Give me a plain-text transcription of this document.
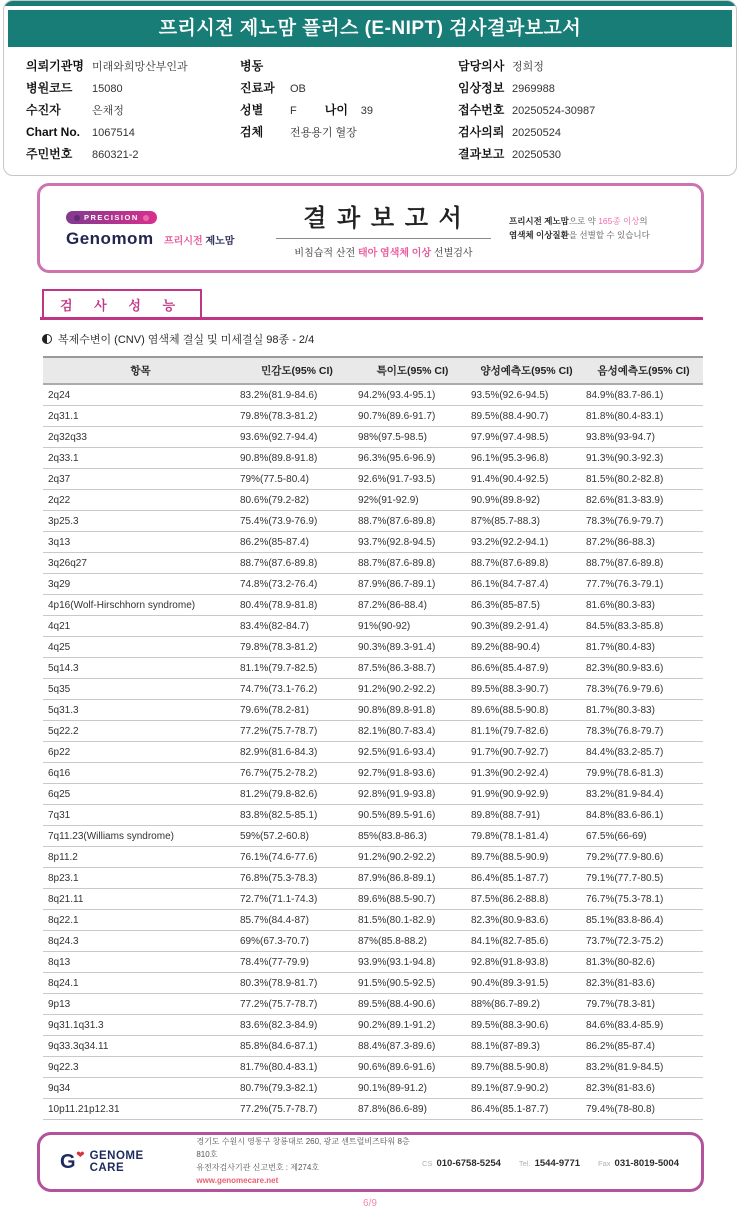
프리시전 제노맘 플러스 (E-NIPT) 검사결과보고서
의뢰기관명 미래와희망산부인과
병원코드 15080
수진자	은채정
Chart No. 1067514
주민번호 860321-2
병동
진료과 OB
성별 F 나이 39
검체 전용용기 혈장
담당의사 정희정
임상정보 2969988
접수번호 20250524-30987
검사의뢰 20250524
결과보고 20250530
PRECISION
Genomom 프리시전 제노맘
결 과 보 고 서
비침습적 산전 태아 염색체 이상 선별검사
프리시전 제노맘으로 약 165종 이상의
염색체 이상질환을 선별할 수 있습니다
검 사 성 능
복제수변이 (CNV) 염색체 결실 및 미세결실 98종 - 2/4
항목	민감도(95% CI)	특이도(95% CI)	양성예측도(95% CI)	음성예측도(95% CI)
2q24	83.2%(81.9-84.6)	94.2%(93.4-95.1)	93.5%(92.6-94.5)	84.9%(83.7-86.1)
2q31.1	79.8%(78.3-81.2)	90.7%(89.6-91.7)	89.5%(88.4-90.7)	81.8%(80.4-83.1)
2q32q33	93.6%(92.7-94.4)	98%(97.5-98.5)	97.9%(97.4-98.5)	93.8%(93-94.7)
2q33.1	90.8%(89.8-91.8)	96.3%(95.6-96.9)	96.1%(95.3-96.8)	91.3%(90.3-92.3)
2q37	79%(77.5-80.4)	92.6%(91.7-93.5)	91.4%(90.4-92.5)	81.5%(80.2-82.8)
2q22	80.6%(79.2-82)	92%(91-92.9)	90.9%(89.8-92)	82.6%(81.3-83.9)
3p25.3	75.4%(73.9-76.9)	88.7%(87.6-89.8)	87%(85.7-88.3)	78.3%(76.9-79.7)
3q13	86.2%(85-87.4)	93.7%(92.8-94.5)	93.2%(92.2-94.1)	87.2%(86-88.3)
3q26q27	88.7%(87.6-89.8)	88.7%(87.6-89.8)	88.7%(87.6-89.8)	88.7%(87.6-89.8)
3q29	74.8%(73.2-76.4)	87.9%(86.7-89.1)	86.1%(84.7-87.4)	77.7%(76.3-79.1)
4p16(Wolf-Hirschhorn syndrome)	80.4%(78.9-81.8)	87.2%(86-88.4)	86.3%(85-87.5)	81.6%(80.3-83)
4q21	83.4%(82-84.7)	91%(90-92)	90.3%(89.2-91.4)	84.5%(83.3-85.8)
4q25	79.8%(78.3-81.2)	90.3%(89.3-91.4)	89.2%(88-90.4)	81.7%(80.4-83)
5q14.3	81.1%(79.7-82.5)	87.5%(86.3-88.7)	86.6%(85.4-87.9)	82.3%(80.9-83.6)
5q35	74.7%(73.1-76.2)	91.2%(90.2-92.2)	89.5%(88.3-90.7)	78.3%(76.9-79.6)
5q31.3	79.6%(78.2-81)	90.8%(89.8-91.8)	89.6%(88.5-90.8)	81.7%(80.3-83)
5q22.2	77.2%(75.7-78.7)	82.1%(80.7-83.4)	81.1%(79.7-82.6)	78.3%(76.8-79.7)
6p22	82.9%(81.6-84.3)	92.5%(91.6-93.4)	91.7%(90.7-92.7)	84.4%(83.2-85.7)
6q16	76.7%(75.2-78.2)	92.7%(91.8-93.6)	91.3%(90.2-92.4)	79.9%(78.6-81.3)
6q25	81.2%(79.8-82.6)	92.8%(91.9-93.8)	91.9%(90.9-92.9)	83.2%(81.9-84.4)
7q31	83.8%(82.5-85.1)	90.5%(89.5-91.6)	89.8%(88.7-91)	84.8%(83.6-86.1)
7q11.23(Williams syndrome)	59%(57.2-60.8)	85%(83.8-86.3)	79.8%(78.1-81.4)	67.5%(66-69)
8p11.2	76.1%(74.6-77.6)	91.2%(90.2-92.2)	89.7%(88.5-90.9)	79.2%(77.9-80.6)
8p23.1	76.8%(75.3-78.3)	87.9%(86.8-89.1)	86.4%(85.1-87.7)	79.1%(77.7-80.5)
8q21.11	72.7%(71.1-74.3)	89.6%(88.5-90.7)	87.5%(86.2-88.8)	76.7%(75.3-78.1)
8q22.1	85.7%(84.4-87)	81.5%(80.1-82.9)	82.3%(80.9-83.6)	85.1%(83.8-86.4)
8q24.3	69%(67.3-70.7)	87%(85.8-88.2)	84.1%(82.7-85.6)	73.7%(72.3-75.2)
8q13	78.4%(77-79.9)	93.9%(93.1-94.8)	92.8%(91.8-93.8)	81.3%(80-82.6)
8q24.1	80.3%(78.9-81.7)	91.5%(90.5-92.5)	90.4%(89.3-91.5)	82.3%(81-83.6)
9p13	77.2%(75.7-78.7)	89.5%(88.4-90.6)	88%(86.7-89.2)	79.7%(78.3-81)
9q31.1q31.3	83.6%(82.3-84.9)	90.2%(89.1-91.2)	89.5%(88.3-90.6)	84.6%(83.4-85.9)
9q33.3q34.11	85.8%(84.6-87.1)	88.4%(87.3-89.6)	88.1%(87-89.3)	86.2%(85-87.4)
9q22.3	81.7%(80.4-83.1)	90.6%(89.6-91.6)	89.7%(88.5-90.8)	83.2%(81.9-84.5)
9q34	80.7%(79.3-82.1)	90.1%(89-91.2)	89.1%(87.9-90.2)	82.3%(81-83.6)
10p11.21p12.31	77.2%(75.7-78.7)	87.8%(86.6-89)	86.4%(85.1-87.7)	79.4%(78-80.8)
G ❤ GENOME CARE
경기도 수원시 영통구 창룡대로 260, 광교 센트럴비즈타워 8층 810호
유전자검사기관 신고번호 : 제274호
www.genomecare.net
CS 010-6758-5254 Tel. 1544-9771 Fax 031-8019-5004
6/9
